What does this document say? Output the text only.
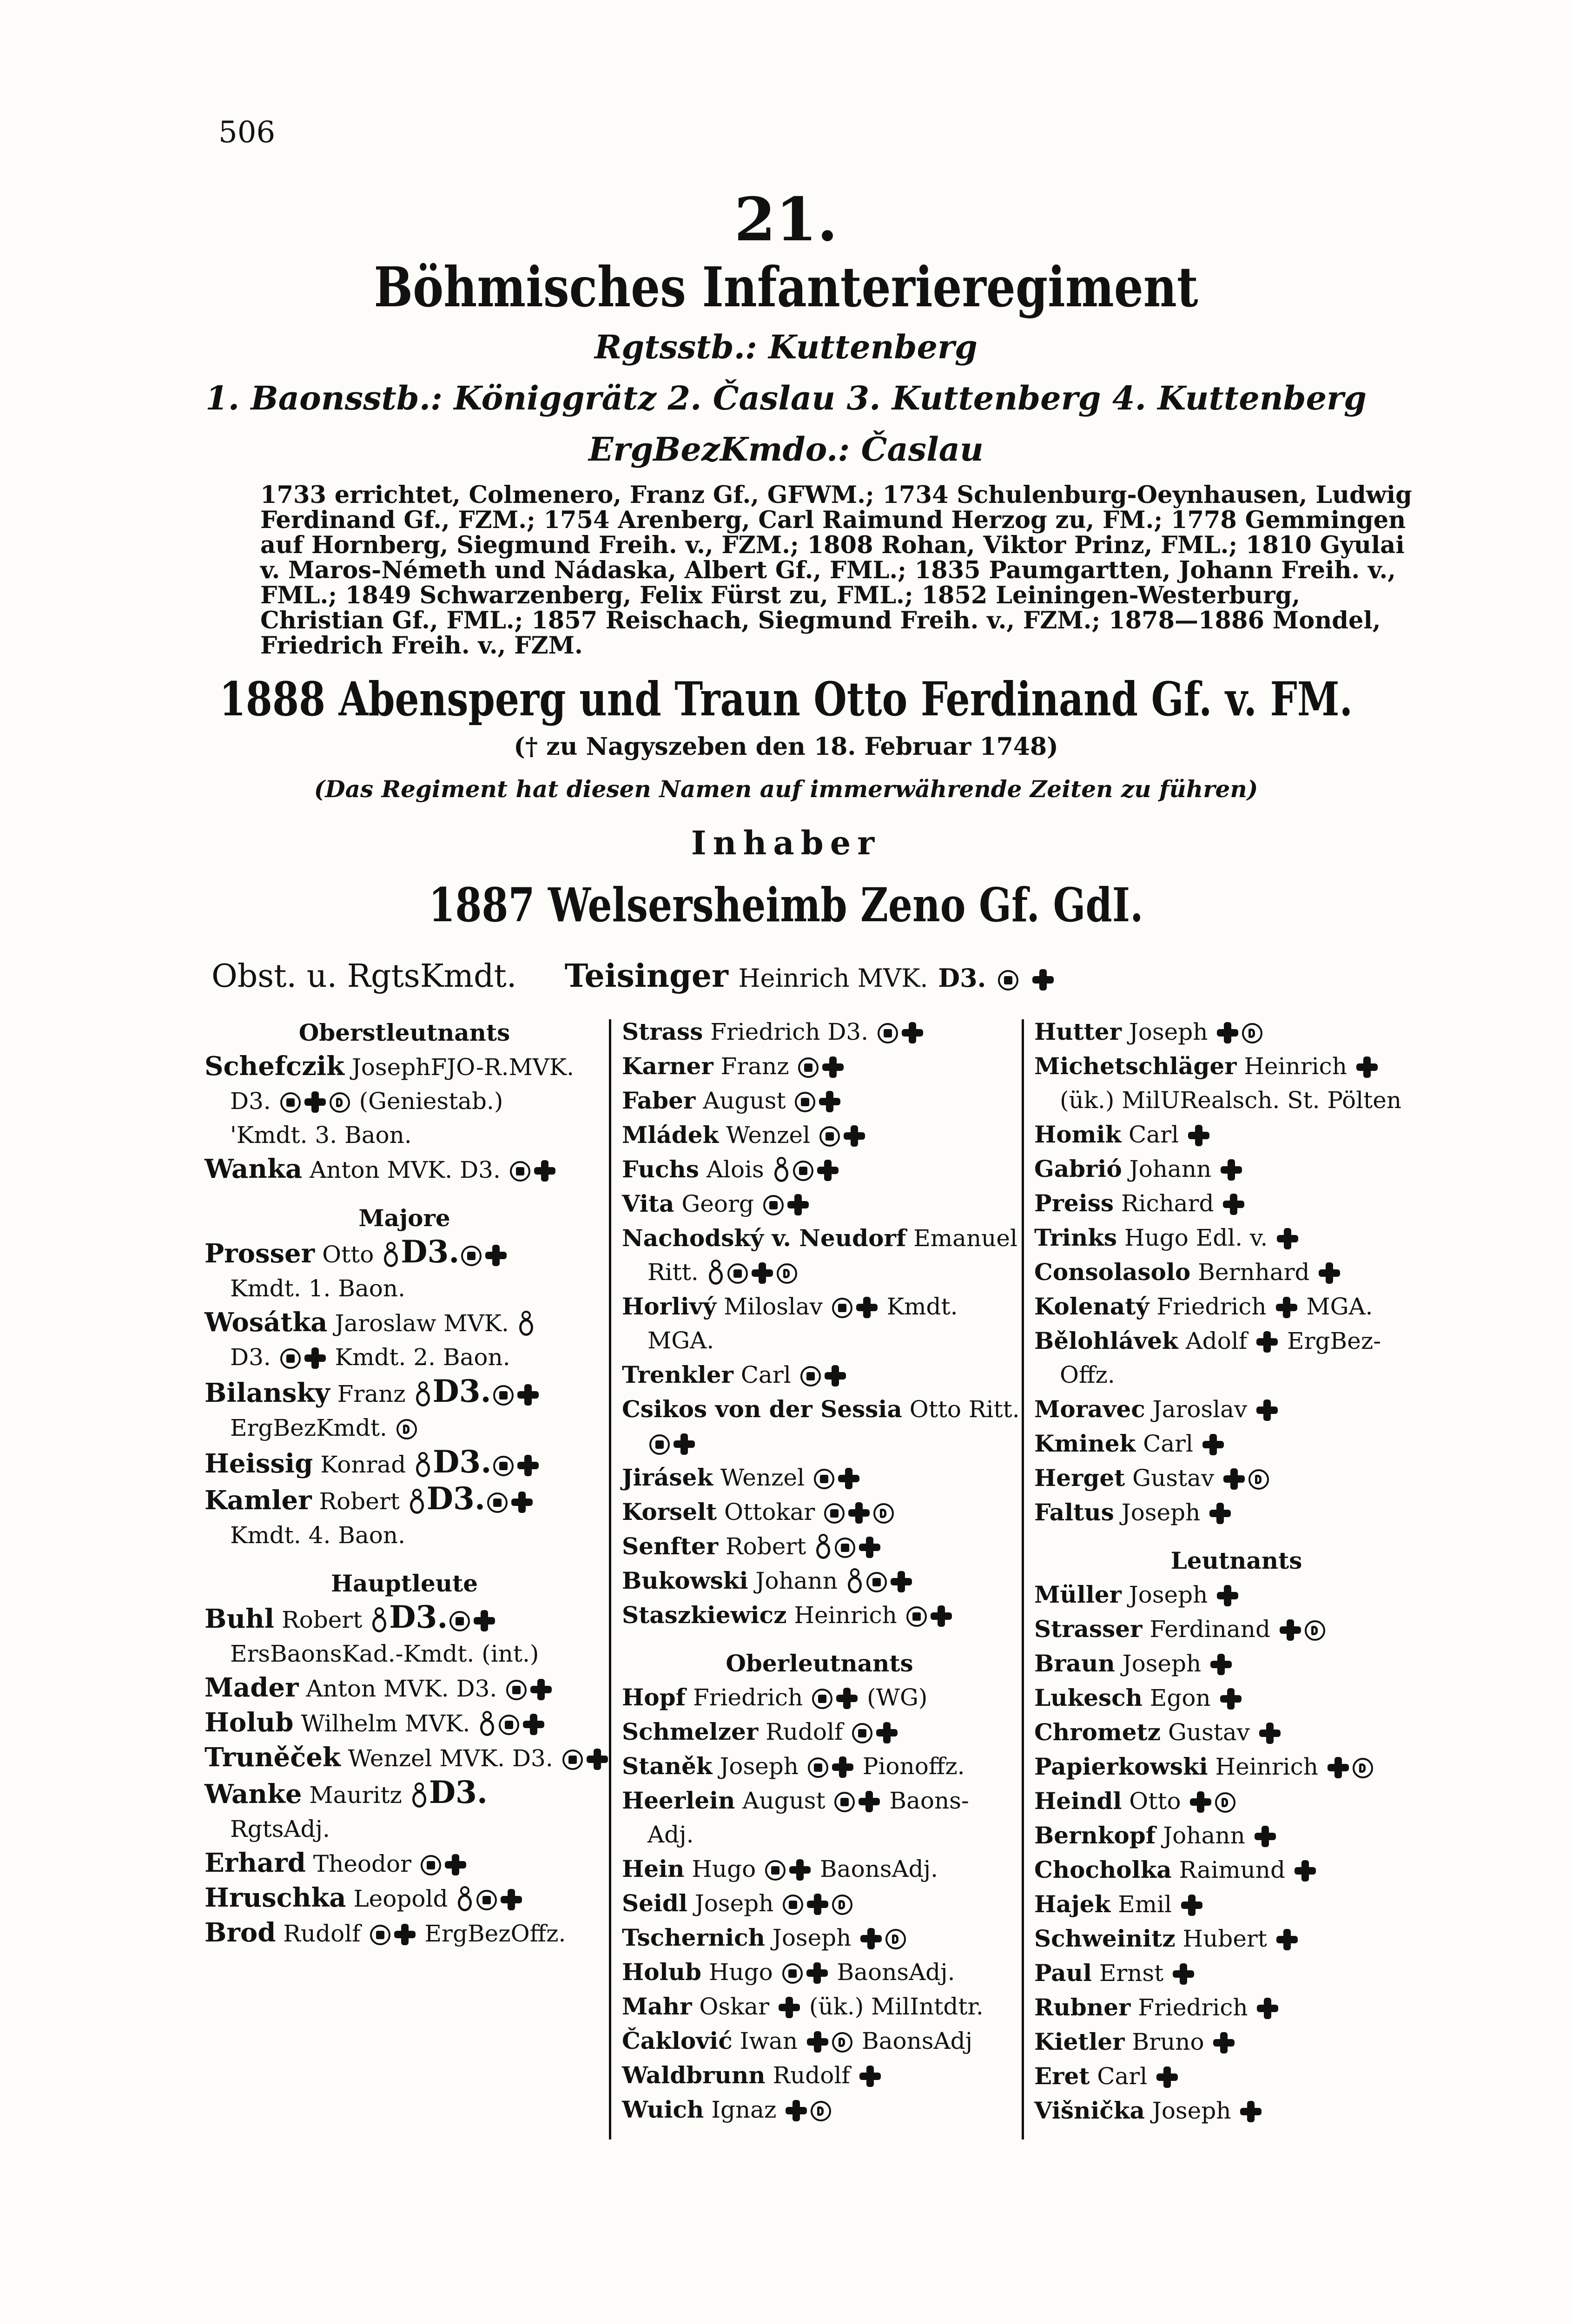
506
21.
Böhmisches Infanterieregiment
Rgtsstb.: Kuttenberg
1. Baonsstb.: Königgrätz 2. Časlau 3. Kuttenberg 4. Kuttenberg
ErgBezKmdo.: Časlau
1733 errichtet, Colmenero, Franz Gf., GFWM.; 1734 Schulenburg-Oeynhausen, Ludwig Ferdinand Gf., FZM.; 1754 Arenberg, Carl Raimund Herzog zu, FM.; 1778 Gemmingen auf Hornberg, Siegmund Freih. v., FZM.; 1808 Rohan, Viktor Prinz, FML.; 1810 Gyulai v. Maros-Németh und Nádaska, Albert Gf., FML.; 1835 Paumgartten, Johann Freih. v., FML.; 1849 Schwarzenberg, Felix Fürst zu, FML.; 1852 Leiningen-Westerburg, Christian Gf., FML.; 1857 Reischach, Siegmund Freih. v., FZM.; 1878—1886 Mondel, Friedrich Freih. v., FZM.
1888 Abensperg und Traun Otto Ferdinand Gf. v. FM.
(† zu Nagyszeben den 18. Februar 1748)
(Das Regiment hat diesen Namen auf immerwährende Zeiten zu führen)
Inhaber
1887 Welsersheimb Zeno Gf. GdI.
Obst. u. RgtsKmdt. Teisinger Heinrich MVK. D3.
Oberstleutnants
Schefczik JosephFJO-R.MVK.
D3.	(Geniestab.)
'Kmdt. 3. Baon.
Wanka Anton MVK. D3.
Majore
Prosser Otto D3.
Kmdt. 1. Baon.
Wosátka Jaroslaw MVK.
D3.	Kmdt. 2. Baon.
Bilansky Franz D3.
ErgBezKmdt.
Heissig Konrad D3.
Kamler Robert D3.
Kmdt. 4. Baon.
Hauptleute
Buhl Robert D3.
ErsBaonsKad.-Kmdt. (int.)
Mader Anton MVK. D3.
Holub Wilhelm MVK.
Truněček Wenzel MVK. D3.
Wanke Mauritz D3.
RgtsAdj.
Erhard Theodor
Hruschka Leopold
Brod Rudolf	ErgBezOffz.
Strass Friedrich D3.
Karner Franz
Faber August
Mládek Wenzel
Fuchs Alois
Vita Georg
Nachodský v. Neudorf Emanuel
Ritt.
Horlivý Miloslav	Kmdt.
MGA.
Trenkler Carl
Csikos von der Sessia Otto Ritt.
Jirásek Wenzel
Korselt Ottokar
Senfter Robert
Bukowski Johann
Staszkiewicz Heinrich
Oberleutnants
Hopf Friedrich	(WG)
Schmelzer Rudolf
Staněk Joseph	Pionoffz.
Heerlein August	Baons-
Adj.
Hein Hugo	BaonsAdj.
Seidl Joseph
Tschernich Joseph
Holub Hugo	BaonsAdj.
Mahr Oskar (ük.) MilIntdtr.
Čaklović Iwan	BaonsAdj
Waldbrunn Rudolf
Wuich Ignaz
Hutter Joseph
Michetschläger Heinrich
(ük.) MilURealsch. St. Pölten
Homik Carl
Gabrió Johann
Preiss Richard
Trinks Hugo Edl. v.
Consolasolo Bernhard
Kolenatý Friedrich MGA.
Bělohlávek Adolf ErgBez-
Offz.
Moravec Jaroslav
Kminek Carl
Herget Gustav
Faltus Joseph
Leutnants
Müller Joseph
Strasser Ferdinand
Braun Joseph
Lukesch Egon
Chrometz Gustav
Papierkowski Heinrich
Heindl Otto
Bernkopf Johann
Chocholka Raimund
Hajek Emil
Schweinitz Hubert
Paul Ernst
Rubner Friedrich
Kietler Bruno
Eret Carl
Višnička Joseph
